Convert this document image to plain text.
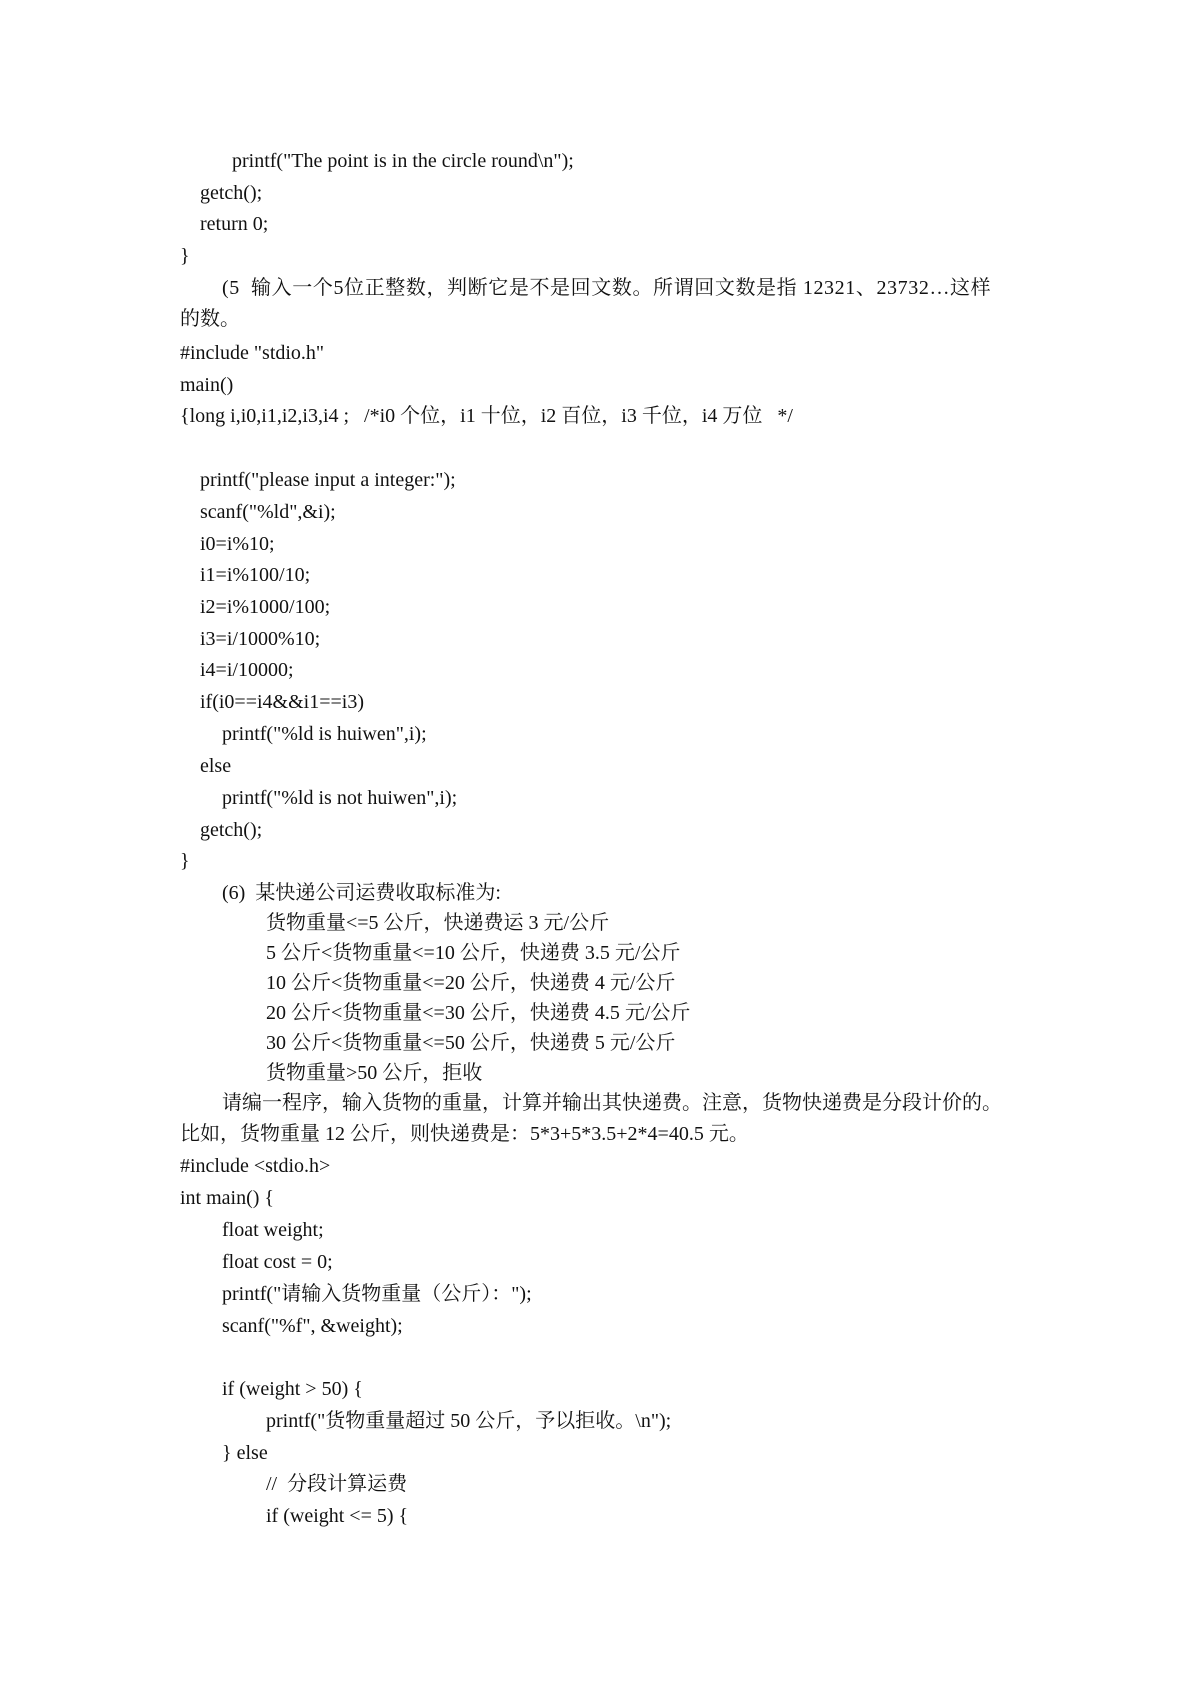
printf("The point is in the circle round\n");
getch();
return 0;
}
(5  输入一个5位正整数，判断它是不是回文数。所谓回文数是指 12321、23732…这样
的数。
#include "stdio.h"
main()
{long i,i0,i1,i2,i3,i4 ;   /*i0 个位，i1 十位，i2 百位，i3 千位，i4 万位   */
printf("please input a integer:");
scanf("%ld",&i);
i0=i%10;
i1=i%100/10;
i2=i%1000/100;
i3=i/1000%10;
i4=i/10000;
if(i0==i4&&i1==i3)
printf("%ld is huiwen",i);
else
printf("%ld is not huiwen",i);
getch();
}
(6)  某快递公司运费收取标准为:
货物重量<=5 公斤，快递费运 3 元/公斤
5 公斤<货物重量<=10 公斤，快递费 3.5 元/公斤
10 公斤<货物重量<=20 公斤，快递费 4 元/公斤
20 公斤<货物重量<=30 公斤，快递费 4.5 元/公斤
30 公斤<货物重量<=50 公斤，快递费 5 元/公斤
货物重量>50 公斤，拒收
请编一程序，输入货物的重量，计算并输出其快递费。注意，货物快递费是分段计价的。
比如，货物重量 12 公斤，则快递费是：5*3+5*3.5+2*4=40.5 元。
#include <stdio.h>
int main() {
float weight;
float cost = 0;
printf("请输入货物重量（公斤）：");
scanf("%f", &weight);
if (weight > 50) {
printf("货物重量超过 50 公斤，予以拒收。\n");
} else
//  分段计算运费
if (weight <= 5) {
